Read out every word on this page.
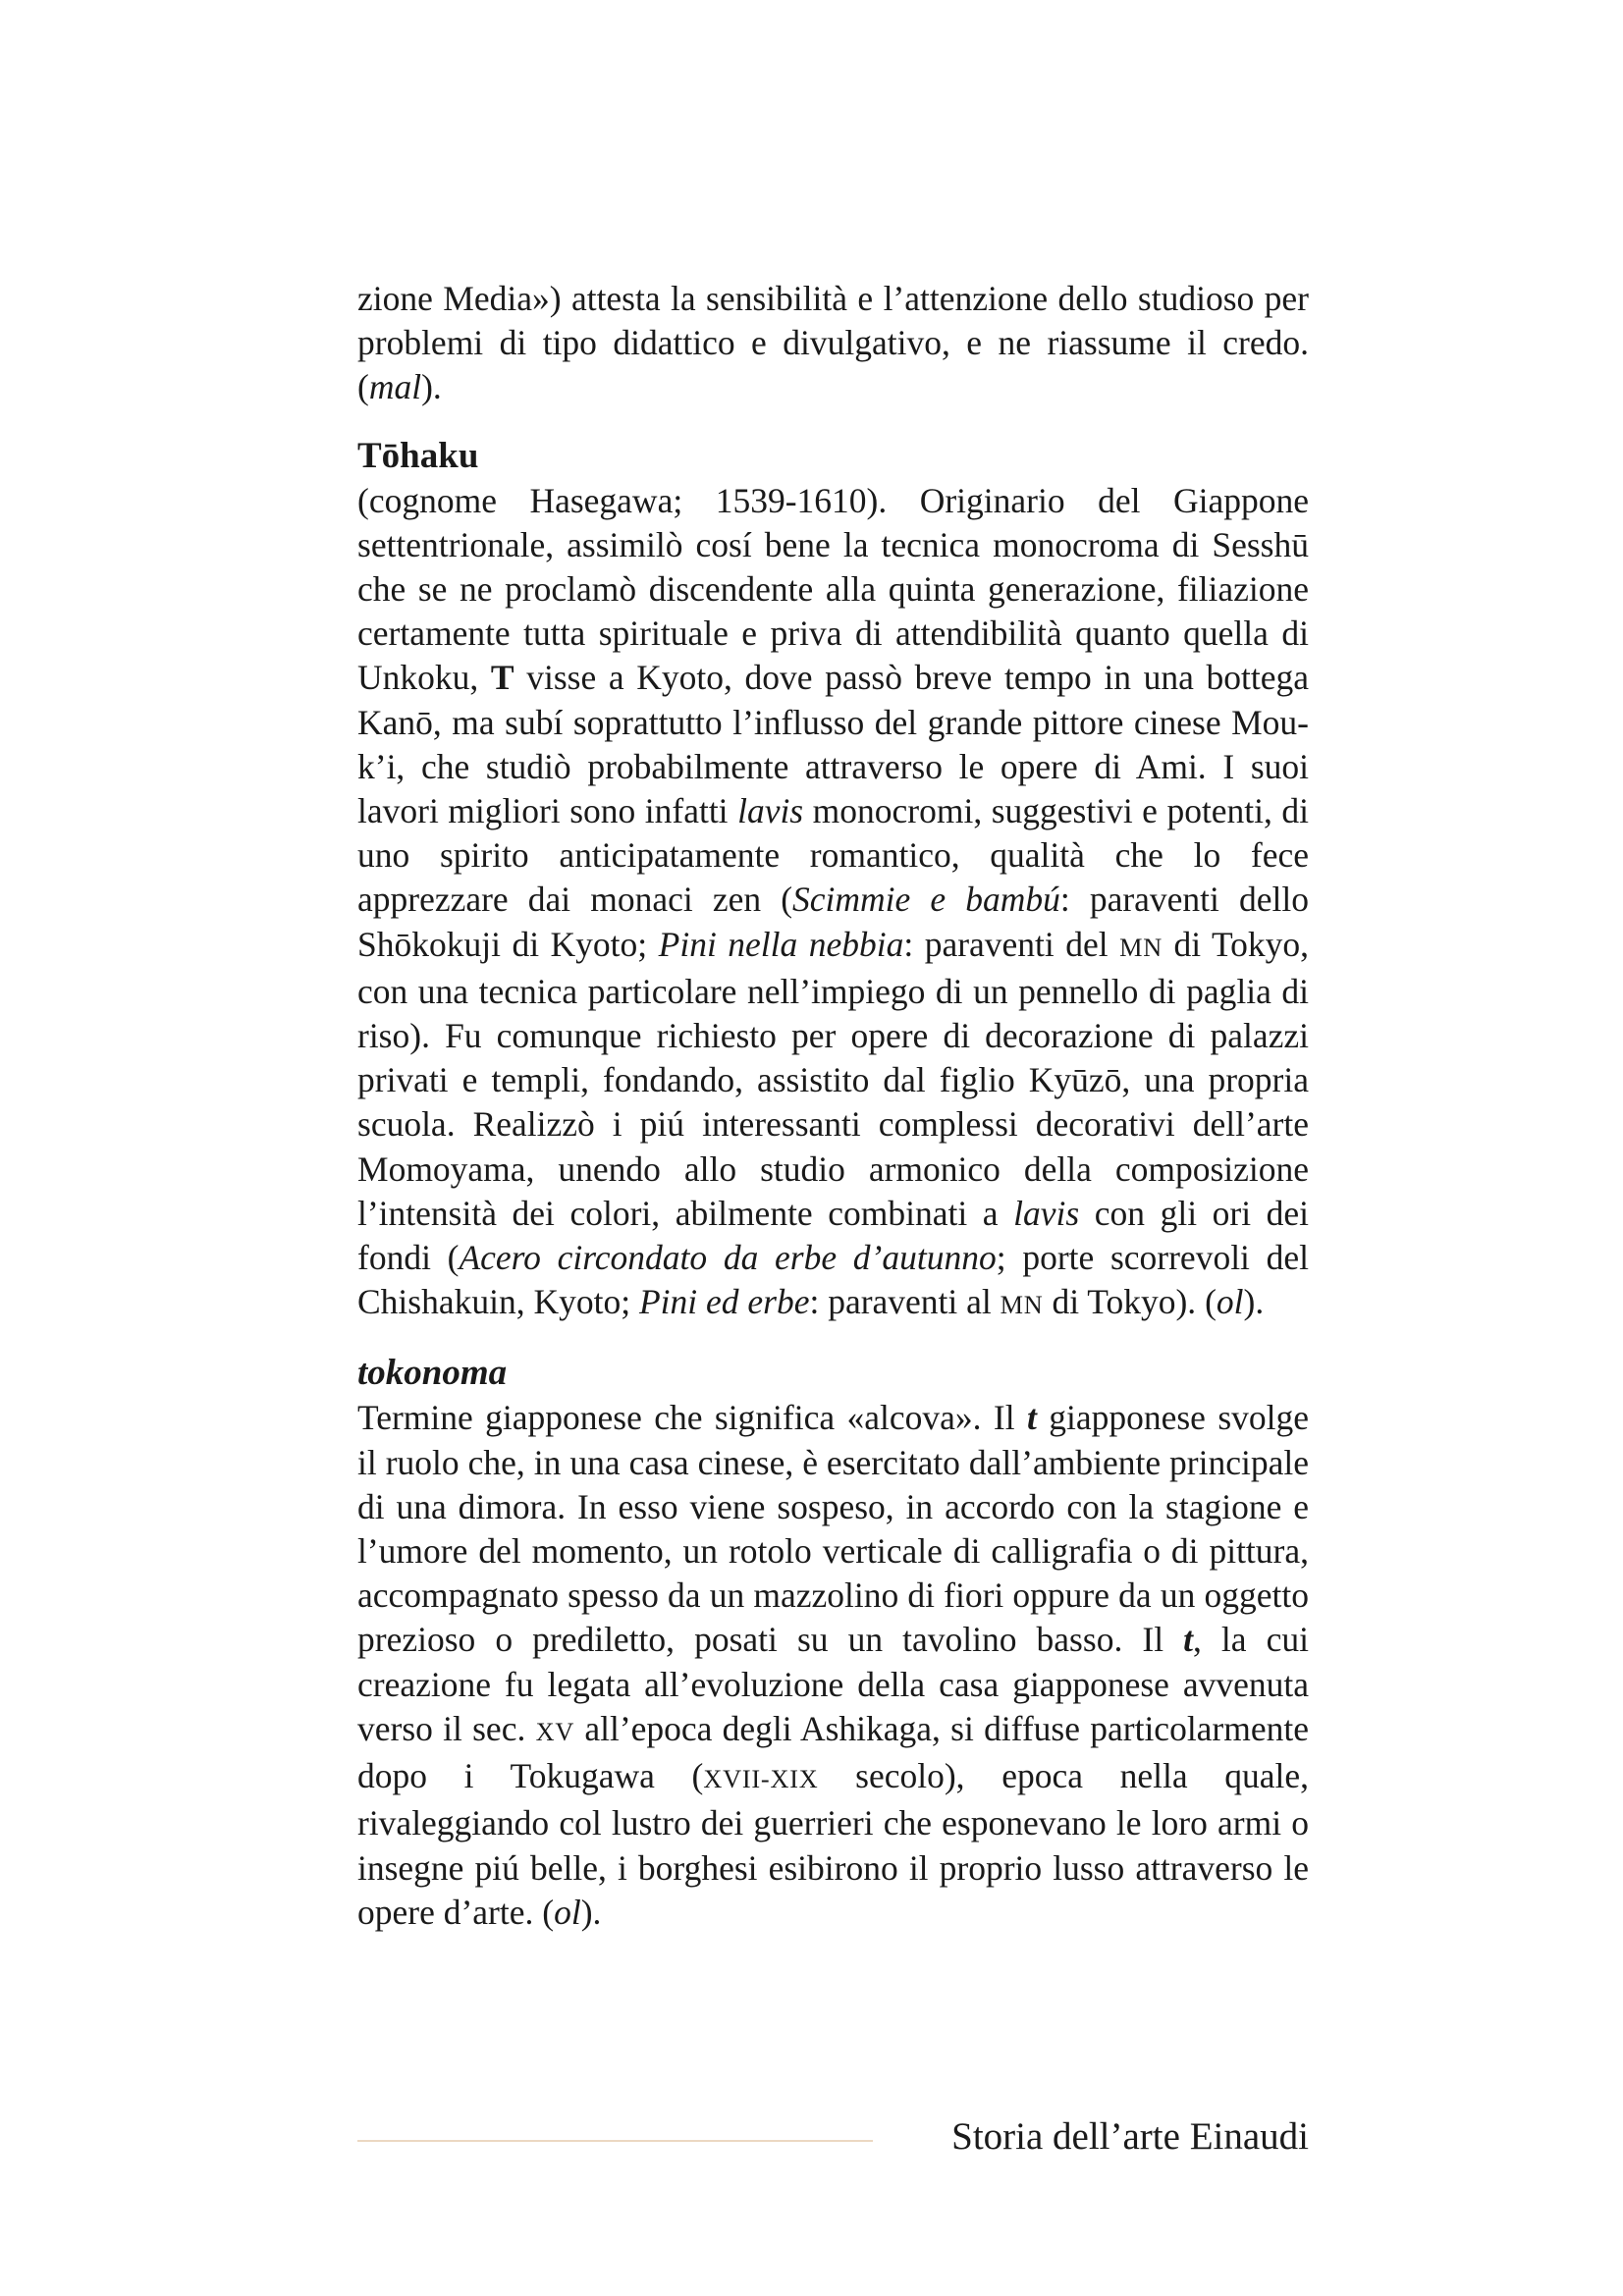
zione Media») attesta la sensibilità e l’attenzione dello studioso per problemi di tipo didattico e divulgativo, e ne riassume il credo. (mal).

Tōhaku

(cognome Hasegawa; 1539-1610). Originario del Giappone settentrionale, assimilò cosí bene la tecnica monocroma di Sesshū che se ne proclamò discendente alla quinta generazione, filiazione certamente tutta spirituale e priva di attendibilità quanto quella di Unkoku, T visse a Kyoto, dove passò breve tempo in una bottega Kanō, ma subí soprattutto l’influsso del grande pittore cinese Mou-k’i, che studiò probabilmente attraverso le opere di Ami. I suoi lavori migliori sono infatti lavis monocromi, suggestivi e potenti, di uno spirito anticipatamente romantico, qualità che lo fece apprezzare dai monaci zen (Scimmie e bambú: paraventi dello Shōkokuji di Kyoto; Pini nella nebbia: paraventi del MN di Tokyo, con una tecnica particolare nell’impiego di un pennello di paglia di riso). Fu comunque richiesto per opere di decorazione di palazzi privati e templi, fondando, assistito dal figlio Kyūzō, una propria scuola. Realizzò i piú interessanti complessi decorativi dell’arte Momoyama, unendo allo studio armonico della composizione l’intensità dei colori, abilmente combinati a lavis con gli ori dei fondi (Acero circondato da erbe d’autunno; porte scorrevoli del Chishakuin, Kyoto; Pini ed erbe: paraventi al MN di Tokyo). (ol).

tokonoma

Termine giapponese che significa «alcova». Il t giapponese svolge il ruolo che, in una casa cinese, è esercitato dall’ambiente principale di una dimora. In esso viene sospeso, in accordo con la stagione e l’umore del momento, un rotolo verticale di calligrafia o di pittura, accompagnato spesso da un mazzolino di fiori oppure da un oggetto prezioso o prediletto, posati su un tavolino basso. Il t, la cui creazione fu legata all’evoluzione della casa giapponese avvenuta verso il sec. XV all’epoca degli Ashikaga, si diffuse particolarmente dopo i Tokugawa (XVII-XIX secolo), epoca nella quale, rivaleggiando col lustro dei guerrieri che esponevano le loro armi o insegne piú belle, i borghesi esibirono il proprio lusso attraverso le opere d’arte. (ol).

Storia dell’arte Einaudi
